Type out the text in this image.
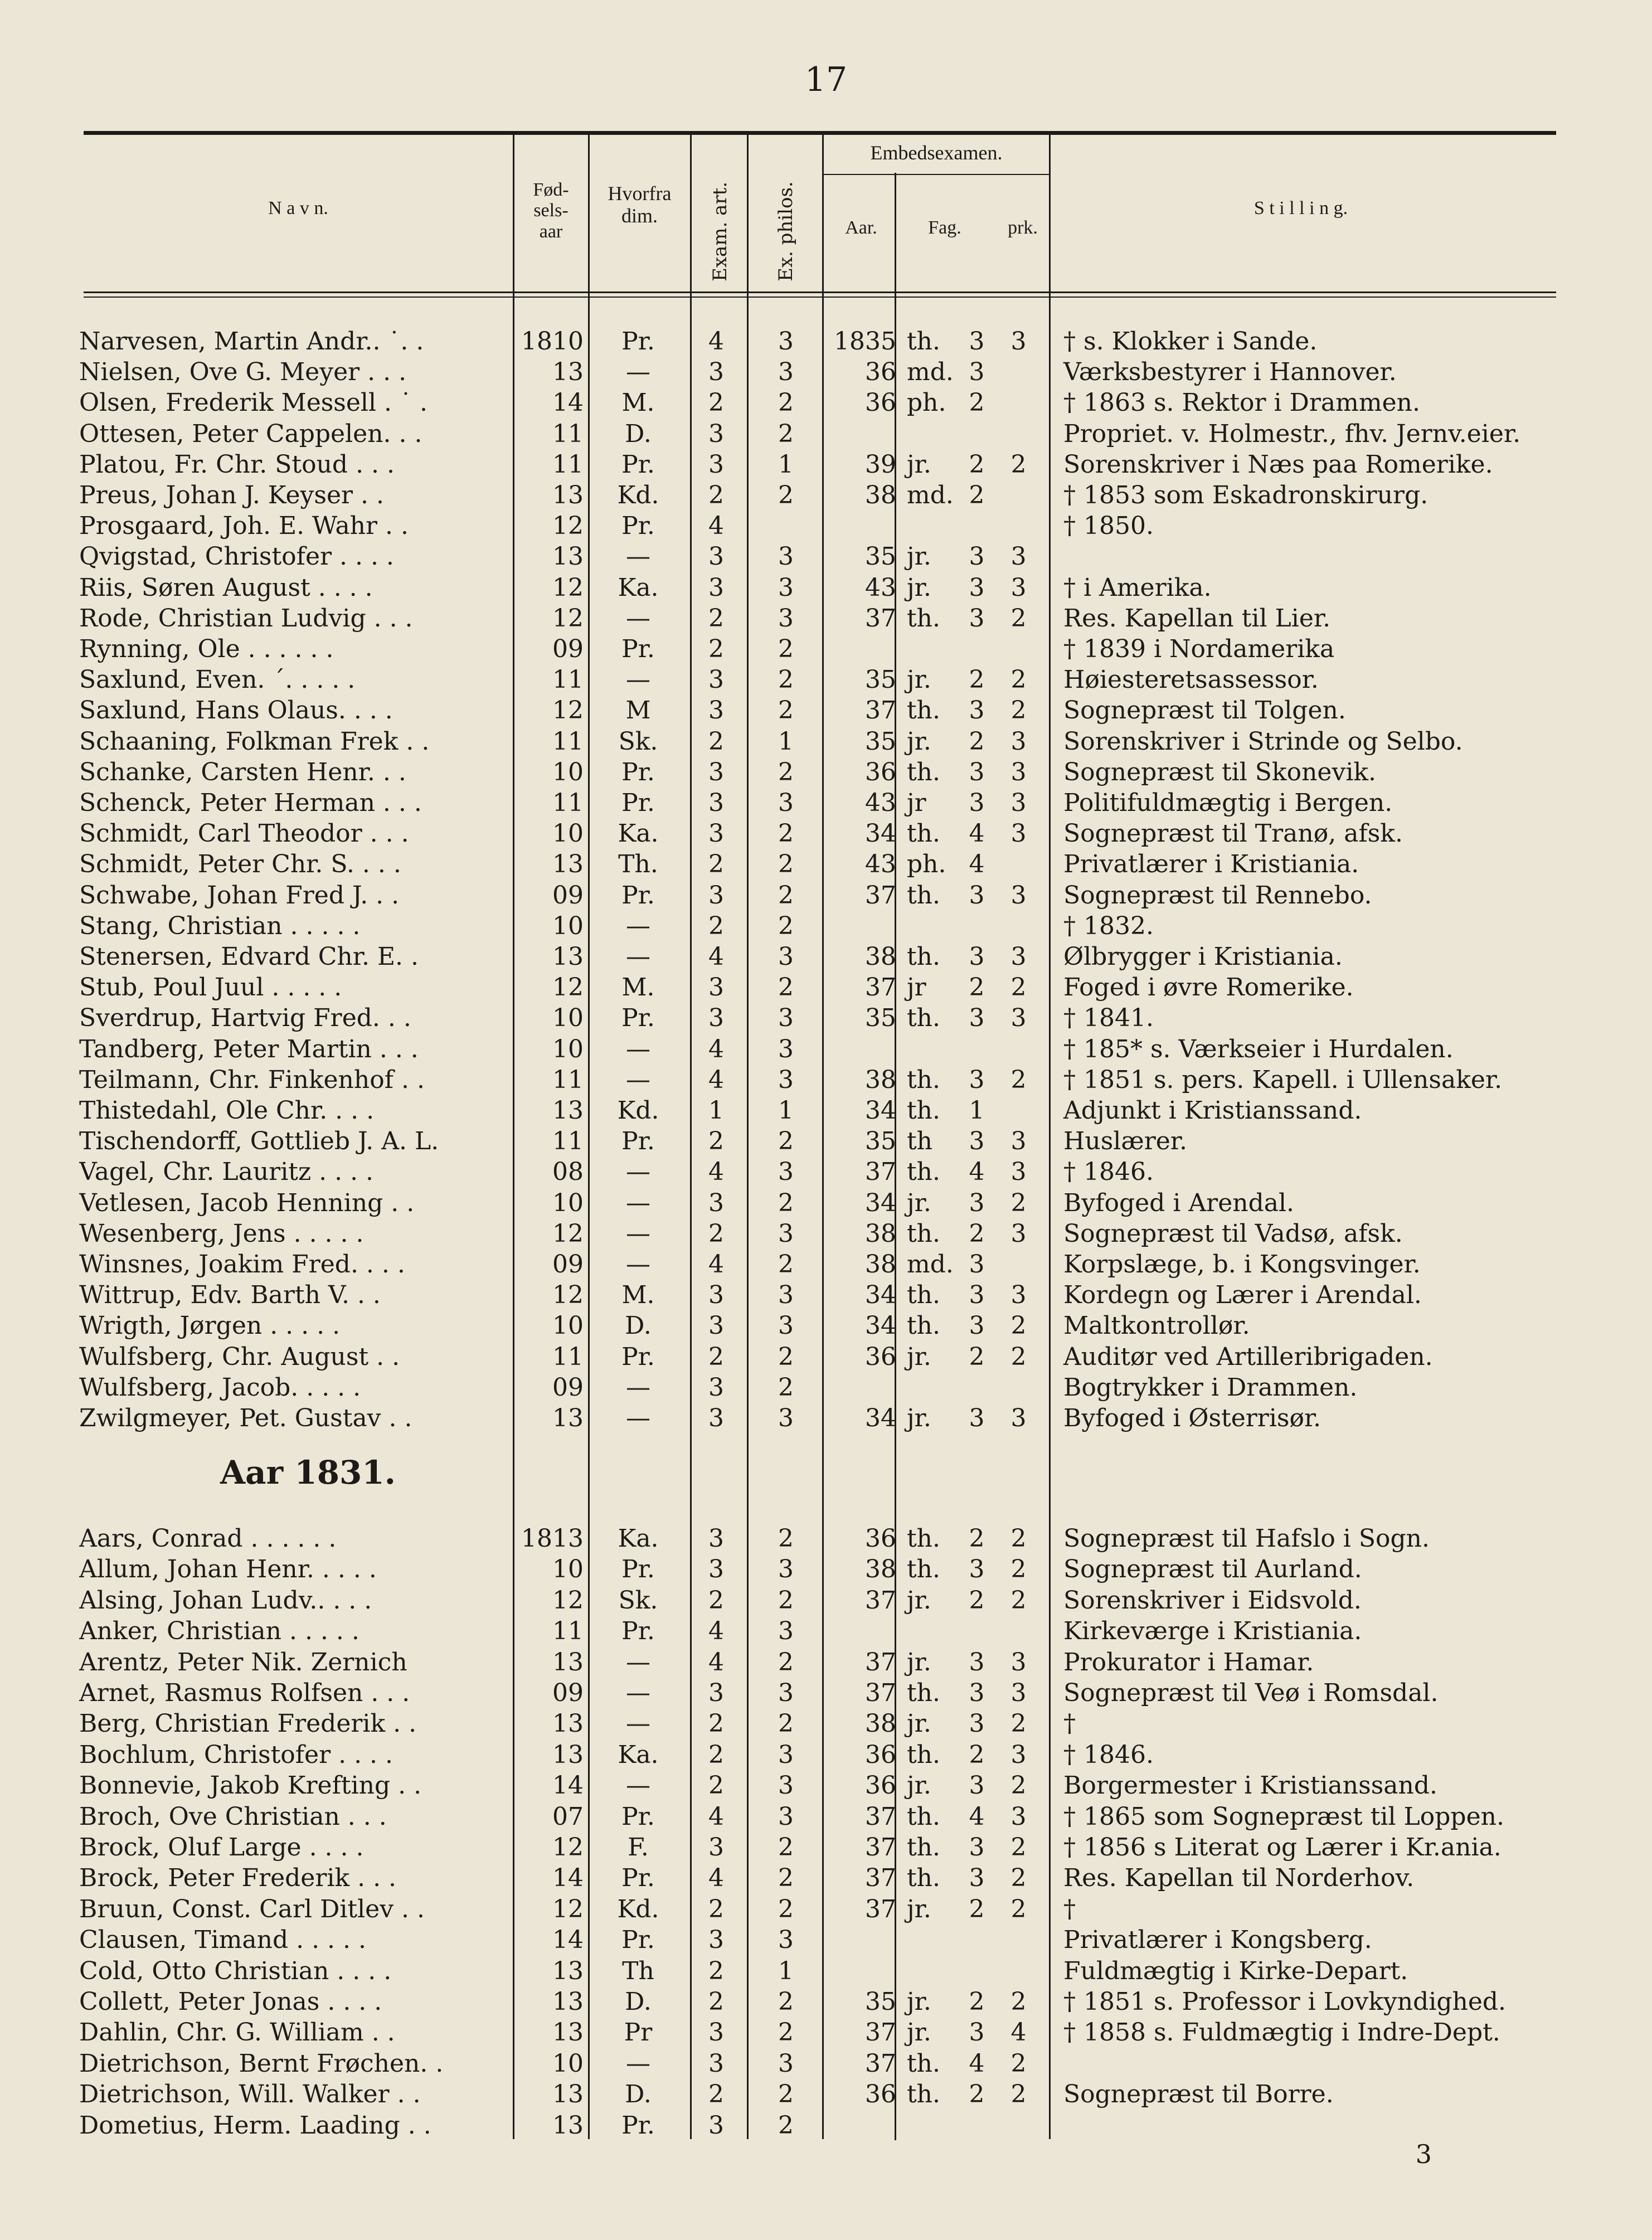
17
N a v n.
Fød-
sels-
aar
Hvorfra
dim.	Exam. art. Ex. philos.
Embedsexamen.
Aar.	Fag.	prk.
S t i l l i n g.
Narvesen, Martin Andr.. ˙. .	1810	Pr.	4	3	1835 th.	3	3	† s. Klokker i Sande.
Nielsen, Ove G. Meyer . . .	13	—	3	3	36 md. 3	Værksbestyrer i Hannover.
Olsen, Frederik Messell . ˙ .	14	M.	2	2	36 ph. 2	† 1863 s. Rektor i Drammen.
Ottesen, Peter Cappelen. . .	11	D.	3	2	Propriet. v. Holmestr., fhv. Jernv.eier.
Platou, Fr. Chr. Stoud . . .	11	Pr.	3	1	39 jr.	2	2	Sorenskriver i Næs paa Romerike.
Preus, Johan J. Keyser . .	13	Kd.	2	2	38 md. 2	† 1853 som Eskadronskirurg.
Prosgaard, Joh. E. Wahr . .	12	Pr.	4	† 1850.
Qvigstad, Christofer . . . .	13	—	3	3	35 jr.	3	3
Riis, Søren August . . . .	12	Ka.	3	3	43 jr.	3	3	† i Amerika.
Rode, Christian Ludvig . . .	12	—	2	3	37 th.	3	2	Res. Kapellan til Lier.
Rynning, Ole . . . . . .	09	Pr.	2	2	† 1839 i Nordamerika
Saxlund, Even. ˊ. . . . .	11	—	3	2	35 jr.	2	2	Høiesteretsassessor.
Saxlund, Hans Olaus. . . .	12	M	3	2	37 th.	3	2	Sognepræst til Tolgen.
Schaaning, Folkman Frek . .	11	Sk.	2	1	35 jr.	2	3	Sorenskriver i Strinde og Selbo.
Schanke, Carsten Henr. . .	10	Pr.	3	2	36 th.	3	3	Sognepræst til Skonevik.
Schenck, Peter Herman . . .	11	Pr.	3	3	43 jr	3	3	Politifuldmægtig i Bergen.
Schmidt, Carl Theodor . . .	10	Ka.	3	2	34 th.	4	3	Sognepræst til Tranø, afsk.
Schmidt, Peter Chr. S. . . .	13	Th.	2	2	43 ph. 4	Privatlærer i Kristiania.
Schwabe, Johan Fred J. . .	09	Pr.	3	2	37 th.	3	3	Sognepræst til Rennebo.
Stang, Christian . . . . .	10	—	2	2	† 1832.
Stenersen, Edvard Chr. E. .	13	—	4	3	38 th.	3	3	Ølbrygger i Kristiania.
Stub, Poul Juul . . . . .	12	M.	3	2	37 jr	2	2	Foged i øvre Romerike.
Sverdrup, Hartvig Fred. . .	10	Pr.	3	3	35 th.	3	3	† 1841.
Tandberg, Peter Martin . . .	10	—	4	3	† 185* s. Værkseier i Hurdalen.
Teilmann, Chr. Finkenhof . .	11	—	4	3	38 th.	3	2	† 1851 s. pers. Kapell. i Ullensaker.
Thistedahl, Ole Chr. . . .	13	Kd.	1	1	34 th.	1	Adjunkt i Kristianssand.
Tischendorff, Gottlieb J. A. L.	11	Pr.	2	2	35 th	3	3	Huslærer.
Vagel, Chr. Lauritz . . . .	08	—	4	3	37 th.	4	3	† 1846.
Vetlesen, Jacob Henning . .	10	—	3	2	34 jr.	3	2	Byfoged i Arendal.
Wesenberg, Jens . . . . .	12	—	2	3	38 th.	2	3	Sognepræst til Vadsø, afsk.
Winsnes, Joakim Fred. . . .	09	—	4	2	38 md. 3	Korpslæge, b. i Kongsvinger.
Wittrup, Edv. Barth V. . .	12	M.	3	3	34 th.	3	3	Kordegn og Lærer i Arendal.
Wrigth, Jørgen . . . . .	10	D.	3	3	34 th.	3	2	Maltkontrollør.
Wulfsberg, Chr. August . .	11	Pr.	2	2	36 jr.	2	2	Auditør ved Artilleribrigaden.
Wulfsberg, Jacob. . . . .	09	—	3	2	Bogtrykker i Drammen.
Zwilgmeyer, Pet. Gustav . .	13	—	3	3	34 jr.	3	3	Byfoged i Østerrisør.
Aar 1831.
Aars, Conrad . . . . . .	1813	Ka.	3	2	36 th.	2	2	Sognepræst til Hafslo i Sogn.
Allum, Johan Henr. . . . .	10	Pr.	3	3	38 th.	3	2	Sognepræst til Aurland.
Alsing, Johan Ludv.. . . .	12	Sk.	2	2	37 jr.	2	2	Sorenskriver i Eidsvold.
Anker, Christian . . . . .	11	Pr.	4	3	Kirkeværge i Kristiania.
Arentz, Peter Nik. Zernich	13	—	4	2	37 jr.	3	3	Prokurator i Hamar.
Arnet, Rasmus Rolfsen . . .	09	—	3	3	37 th.	3	3	Sognepræst til Veø i Romsdal.
Berg, Christian Frederik . .	13	—	2	2	38 jr.	3	2	†
Bochlum, Christofer . . . .	13	Ka.	2	3	36 th.	2	3	† 1846.
Bonnevie, Jakob Krefting . .	14	—	2	3	36 jr.	3	2	Borgermester i Kristianssand.
Broch, Ove Christian . . .	07	Pr.	4	3	37 th.	4	3	† 1865 som Sognepræst til Loppen.
Brock, Oluf Large . . . .	12	F.	3	2	37 th.	3	2	† 1856 s Literat og Lærer i Kr.ania.
Brock, Peter Frederik . . .	14	Pr.	4	2	37 th.	3	2	Res. Kapellan til Norderhov.
Bruun, Const. Carl Ditlev . .	12	Kd.	2	2	37 jr.	2	2	†
Clausen, Timand . . . . .	14	Pr.	3	3	Privatlærer i Kongsberg.
Cold, Otto Christian . . . .	13	Th	2	1	Fuldmægtig i Kirke-Depart.
Collett, Peter Jonas . . . .	13	D.	2	2	35 jr.	2	2	† 1851 s. Professor i Lovkyndighed.
Dahlin, Chr. G. William . .	13	Pr	3	2	37 jr.	3	4	† 1858 s. Fuldmægtig i Indre-Dept.
Dietrichson, Bernt Frøchen. .	10	—	3	3	37 th.	4	2
Dietrichson, Will. Walker . .	13	D.	2	2	36 th.	2	2	Sognepræst til Borre.
Dometius, Herm. Laading . .	13	Pr.	3	2
3
